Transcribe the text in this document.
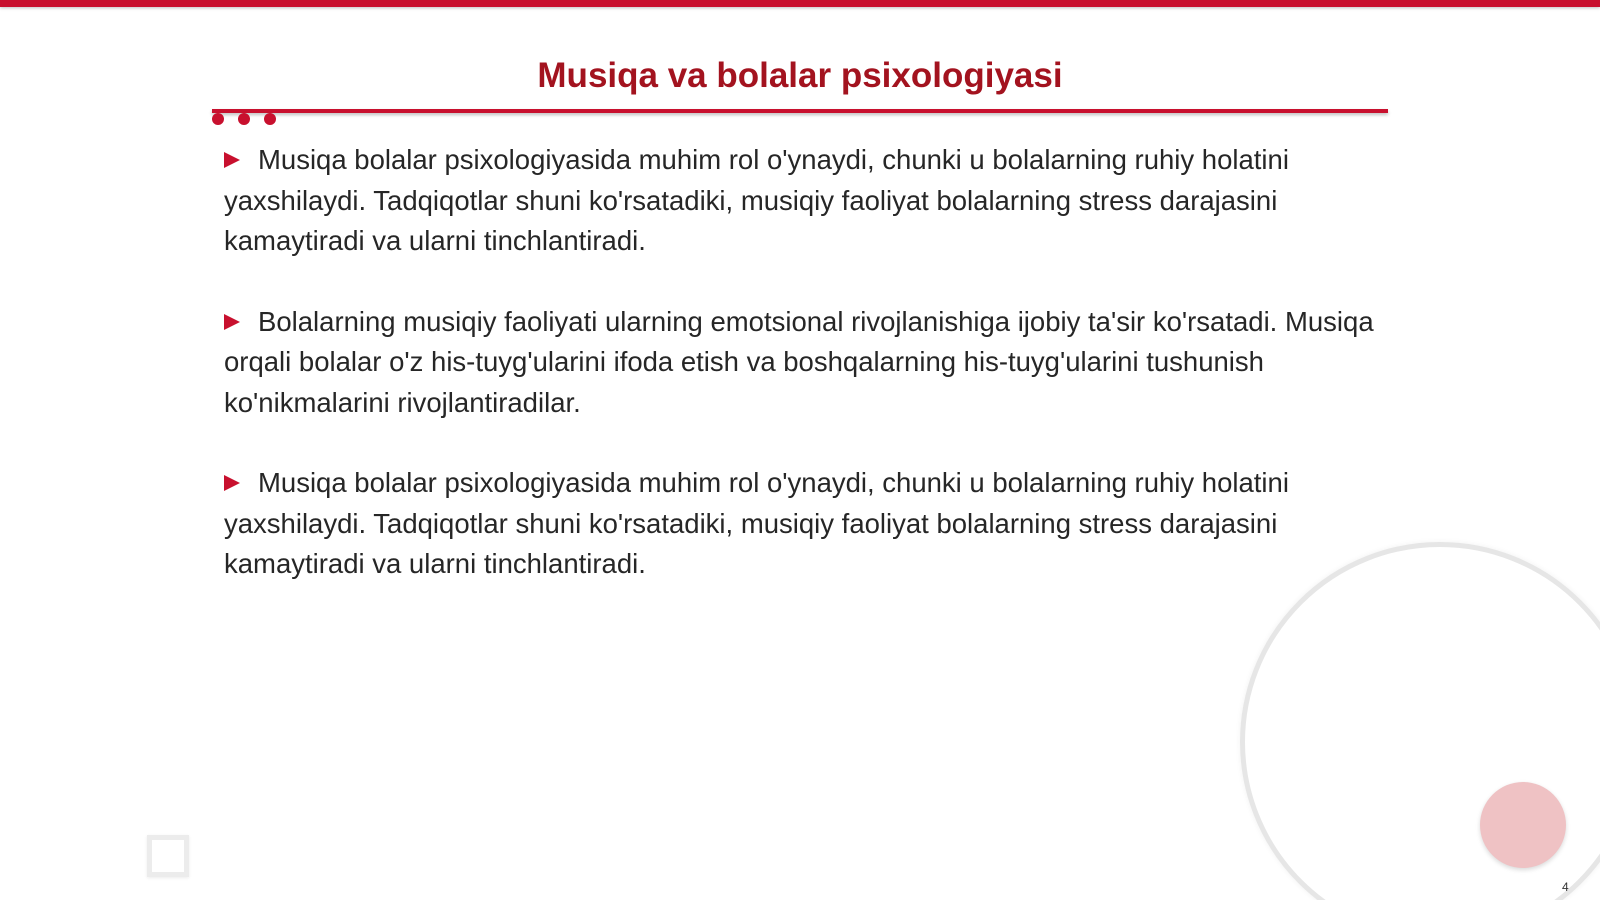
Musiqa va bolalar psixologiyasi

Musiqa bolalar psixologiyasida muhim rol o'ynaydi, chunki u bolalarning ruhiy holatini yaxshilaydi. Tadqiqotlar shuni ko'rsatadiki, musiqiy faoliyat bolalarning stress darajasini kamaytiradi va ularni tinchlantiradi.

Bolalarning musiqiy faoliyati ularning emotsional rivojlanishiga ijobiy ta'sir ko'rsatadi. Musiqa orqali bolalar o'z his-tuyg'ularini ifoda etish va boshqalarning his-tuyg'ularini tushunish ko'nikmalarini rivojlantiradilar.

Musiqa bolalar psixologiyasida muhim rol o'ynaydi, chunki u bolalarning ruhiy holatini yaxshilaydi. Tadqiqotlar shuni ko'rsatadiki, musiqiy faoliyat bolalarning stress darajasini kamaytiradi va ularni tinchlantiradi.

4
